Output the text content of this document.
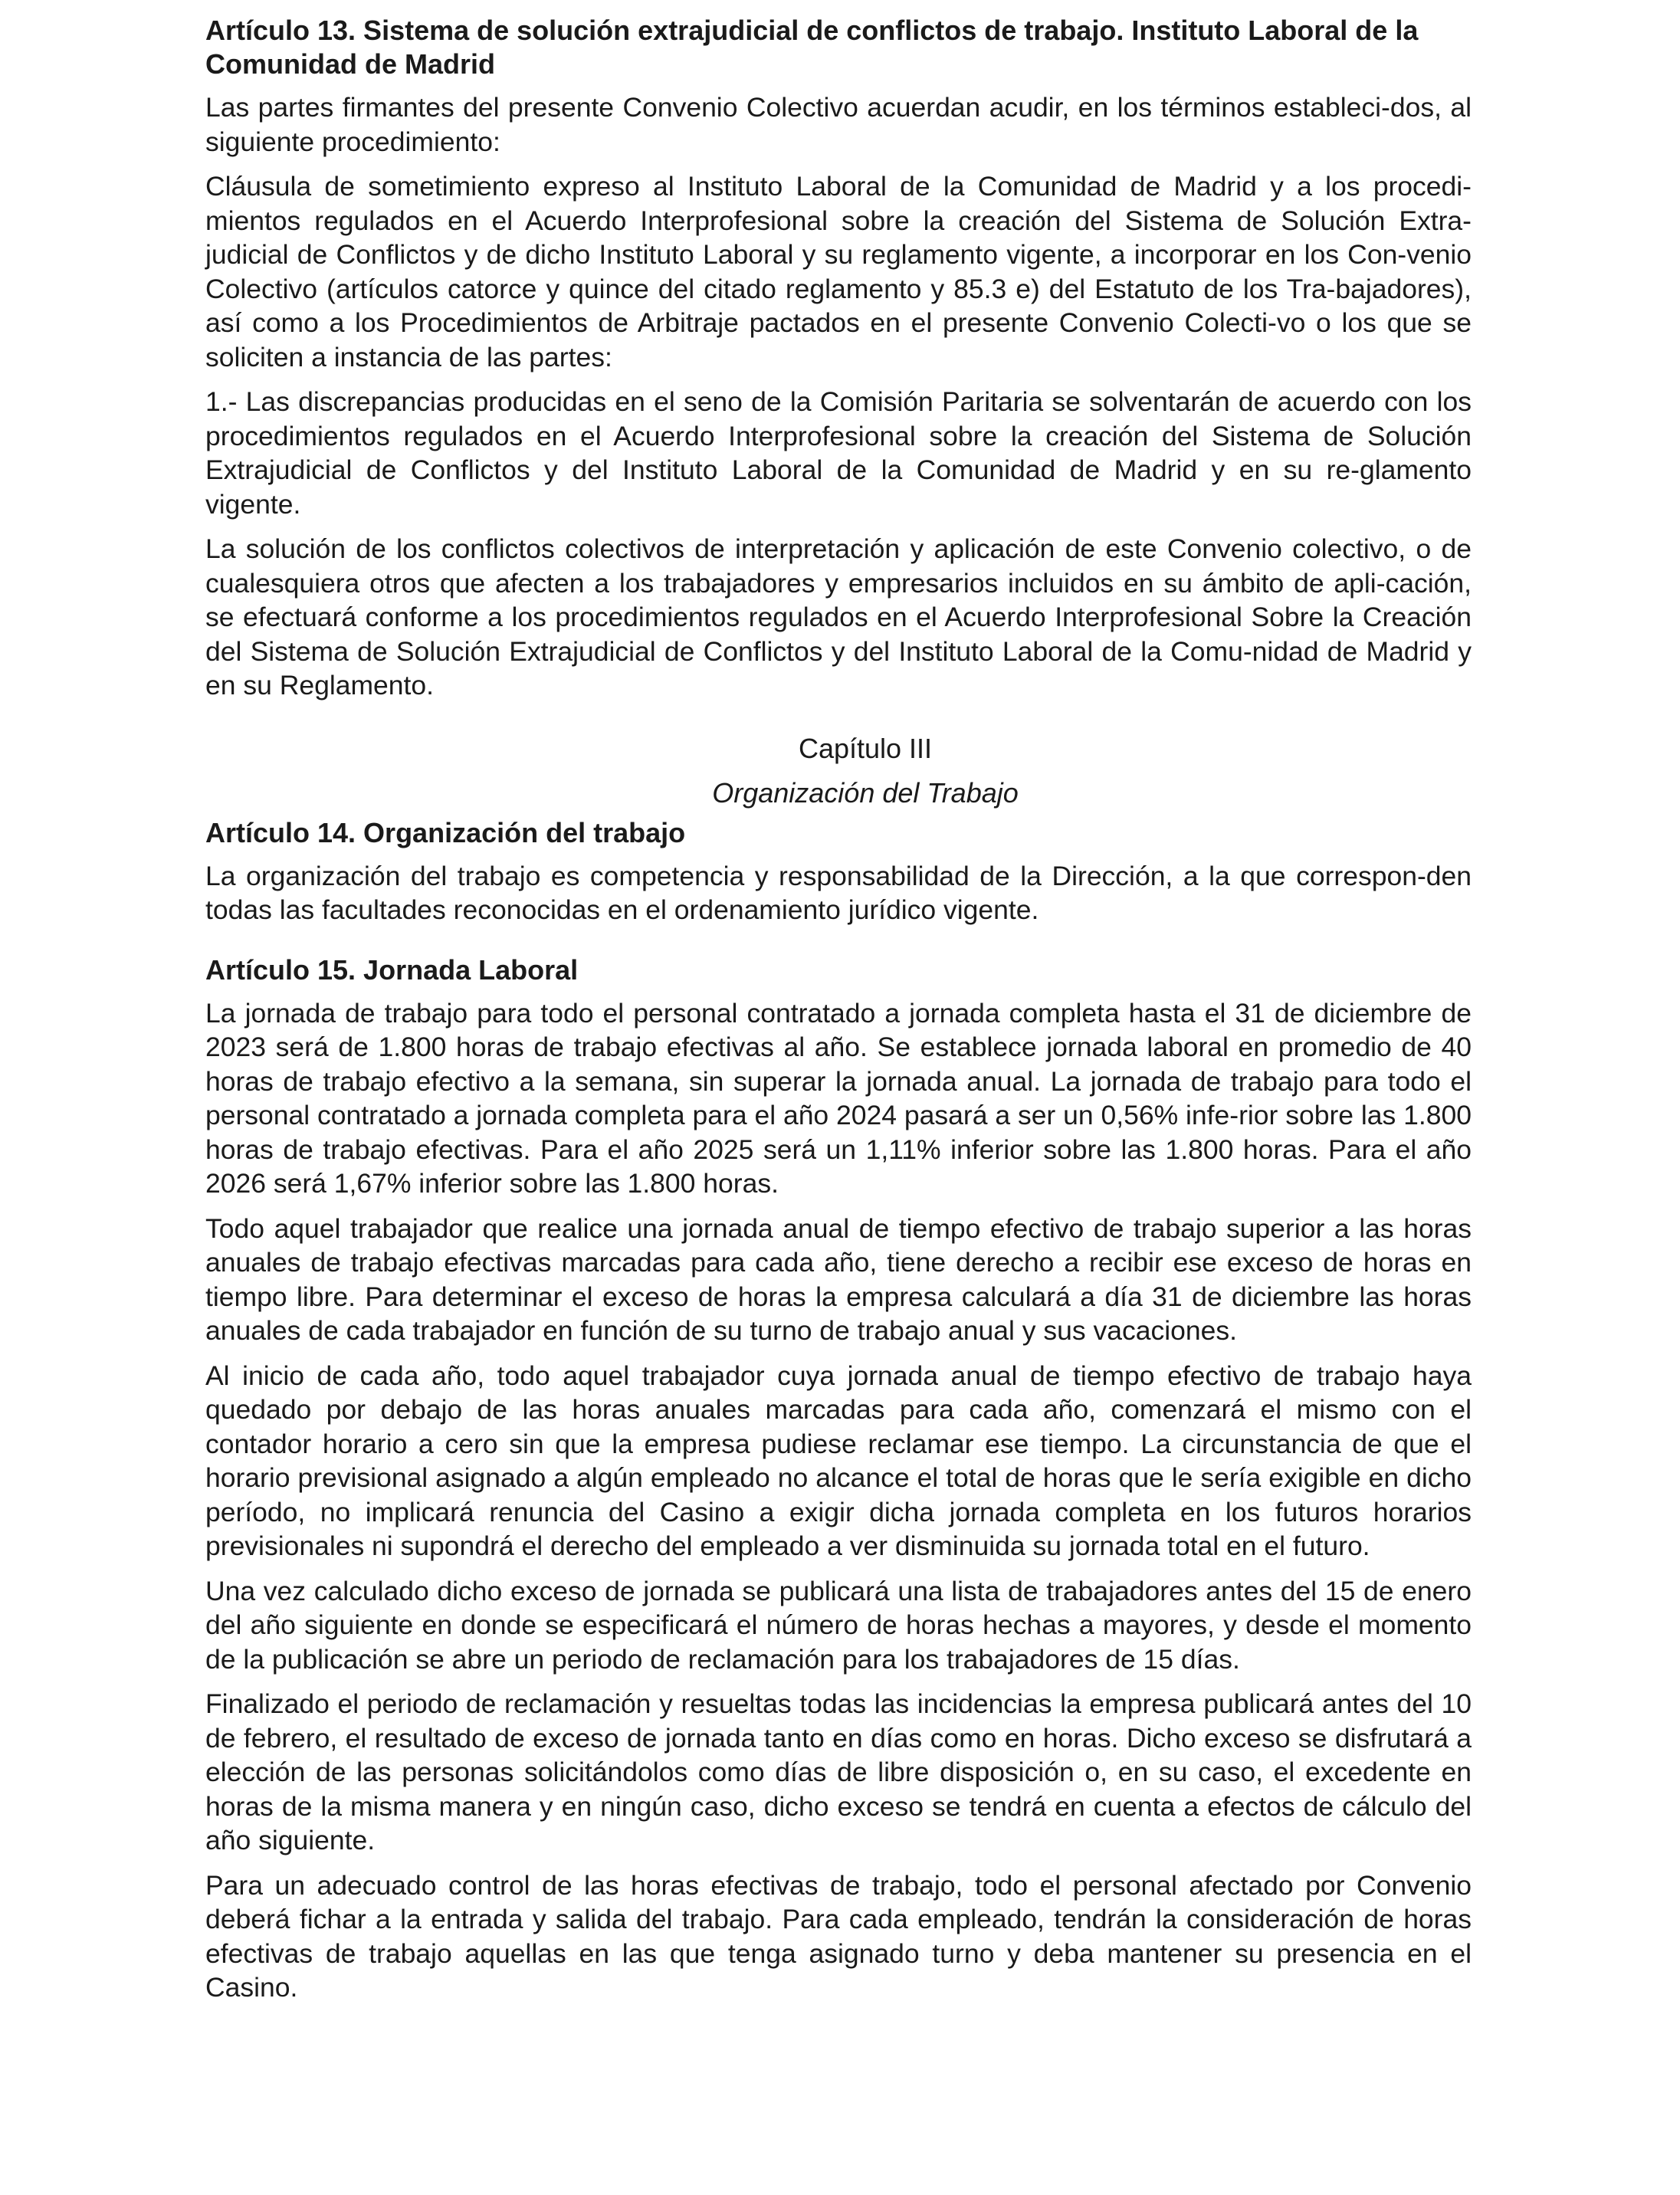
Artículo 13. Sistema de solución extrajudicial de conflictos de trabajo. Instituto Laboral de la Comunidad de Madrid

Las partes firmantes del presente Convenio Colectivo acuerdan acudir, en los términos estableci-dos, al siguiente procedimiento:

Cláusula de sometimiento expreso al Instituto Laboral de la Comunidad de Madrid y a los procedi-mientos regulados en el Acuerdo Interprofesional sobre la creación del Sistema de Solución Extra-judicial de Conflictos y de dicho Instituto Laboral y su reglamento vigente, a incorporar en los Con-venio Colectivo (artículos catorce y quince del citado reglamento y 85.3 e) del Estatuto de los Tra-bajadores), así como a los Procedimientos de Arbitraje pactados en el presente Convenio Colecti-vo o los que se soliciten a instancia de las partes:

1.- Las discrepancias producidas en el seno de la Comisión Paritaria se solventarán de acuerdo con los procedimientos regulados en el Acuerdo Interprofesional sobre la creación del Sistema de Solución Extrajudicial de Conflictos y del Instituto Laboral de la Comunidad de Madrid y en su re-glamento vigente.

La solución de los conflictos colectivos de interpretación y aplicación de este Convenio colectivo, o de cualesquiera otros que afecten a los trabajadores y empresarios incluidos en su ámbito de apli-cación, se efectuará conforme a los procedimientos regulados en el Acuerdo Interprofesional Sobre la Creación del Sistema de Solución Extrajudicial de Conflictos y del Instituto Laboral de la Comu-nidad de Madrid y en su Reglamento.

Capítulo III

Organización del Trabajo

Artículo 14. Organización del trabajo

La organización del trabajo es competencia y responsabilidad de la Dirección, a la que correspon-den todas las facultades reconocidas en el ordenamiento jurídico vigente.

Artículo 15. Jornada Laboral

La jornada de trabajo para todo el personal contratado a jornada completa hasta el 31 de diciembre de 2023 será de 1.800 horas de trabajo efectivas al año. Se establece jornada laboral en promedio de 40 horas de trabajo efectivo a la semana, sin superar la jornada anual. La jornada de trabajo para todo el personal contratado a jornada completa para el año 2024 pasará a ser un 0,56% infe-rior sobre las 1.800 horas de trabajo efectivas. Para el año 2025 será un 1,11% inferior sobre las 1.800 horas. Para el año 2026 será 1,67% inferior sobre las 1.800 horas.

Todo aquel trabajador que realice una jornada anual de tiempo efectivo de trabajo superior a las horas anuales de trabajo efectivas marcadas para cada año, tiene derecho a recibir ese exceso de horas en tiempo libre. Para determinar el exceso de horas la empresa calculará a día 31 de diciembre las horas anuales de cada trabajador en función de su turno de trabajo anual y sus vacaciones.

Al inicio de cada año, todo aquel trabajador cuya jornada anual de tiempo efectivo de trabajo haya quedado por debajo de las horas anuales marcadas para cada año, comenzará el mismo con el contador horario a cero sin que la empresa pudiese reclamar ese tiempo. La circunstancia de que el horario previsional asignado a algún empleado no alcance el total de horas que le sería exigible en dicho período, no implicará renuncia del Casino a exigir dicha jornada completa en los futuros horarios previsionales ni supondrá el derecho del empleado a ver disminuida su jornada total en el futuro.

Una vez calculado dicho exceso de jornada se publicará una lista de trabajadores antes del 15 de enero del año siguiente en donde se especificará el número de horas hechas a mayores, y desde el momento de la publicación se abre un periodo de reclamación para los trabajadores de 15 días.

Finalizado el periodo de reclamación y resueltas todas las incidencias la empresa publicará antes del 10 de febrero, el resultado de exceso de jornada tanto en días como en horas. Dicho exceso se disfrutará a elección de las personas solicitándolos como días de libre disposición o, en su caso, el excedente en horas de la misma manera y en ningún caso, dicho exceso se tendrá en cuenta a efectos de cálculo del año siguiente.

Para un adecuado control de las horas efectivas de trabajo, todo el personal afectado por Convenio deberá fichar a la entrada y salida del trabajo. Para cada empleado, tendrán la consideración de horas efectivas de trabajo aquellas en las que tenga asignado turno y deba mantener su presencia en el Casino.
